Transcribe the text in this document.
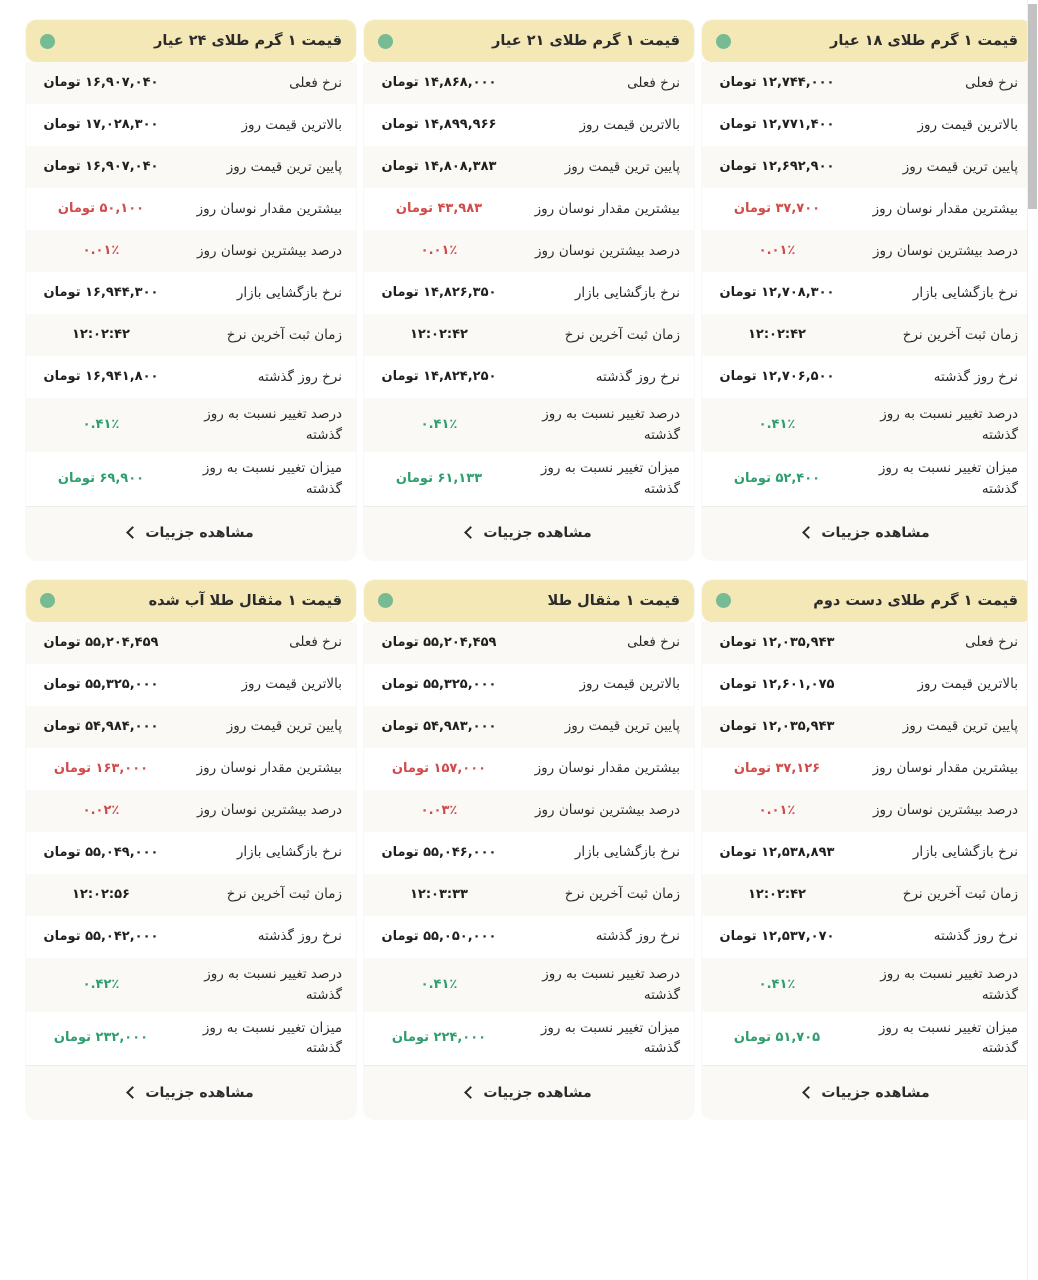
قیمت ۱ گرم طلای ۱۸ عیار
نرخ فعلی
۱۲,۷۴۴,۰۰۰ تومان
بالاترین قیمت روز
۱۲,۷۷۱,۴۰۰ تومان
پایین ترین قیمت روز
۱۲,۶۹۲,۹۰۰ تومان
بیشترین مقدار نوسان روز
۳۷,۷۰۰ تومان
درصد بیشترین نوسان روز
۰.۰۱٪
نرخ بازگشایی بازار
۱۲,۷۰۸,۳۰۰ تومان
زمان ثبت آخرین نرخ
۱۲:۰۲:۴۲
نرخ روز گذشته
۱۲,۷۰۶,۵۰۰ تومان
درصد تغییر نسبت به روز گذشته
۰.۴۱٪
میزان تغییر نسبت به روز گذشته
۵۲,۴۰۰ تومان
مشاهده جزییات
قیمت ۱ گرم طلای ۲۱ عیار
نرخ فعلی
۱۴,۸۶۸,۰۰۰ تومان
بالاترین قیمت روز
۱۴,۸۹۹,۹۶۶ تومان
پایین ترین قیمت روز
۱۴,۸۰۸,۳۸۳ تومان
بیشترین مقدار نوسان روز
۴۳,۹۸۳ تومان
درصد بیشترین نوسان روز
۰.۰۱٪
نرخ بازگشایی بازار
۱۴,۸۲۶,۳۵۰ تومان
زمان ثبت آخرین نرخ
۱۲:۰۲:۴۲
نرخ روز گذشته
۱۴,۸۲۴,۲۵۰ تومان
درصد تغییر نسبت به روز گذشته
۰.۴۱٪
میزان تغییر نسبت به روز گذشته
۶۱,۱۳۳ تومان
مشاهده جزییات
قیمت ۱ گرم طلای ۲۴ عیار
نرخ فعلی
۱۶,۹۰۷,۰۴۰ تومان
بالاترین قیمت روز
۱۷,۰۲۸,۳۰۰ تومان
پایین ترین قیمت روز
۱۶,۹۰۷,۰۴۰ تومان
بیشترین مقدار نوسان روز
۵۰,۱۰۰ تومان
درصد بیشترین نوسان روز
۰.۰۱٪
نرخ بازگشایی بازار
۱۶,۹۴۴,۳۰۰ تومان
زمان ثبت آخرین نرخ
۱۲:۰۲:۴۲
نرخ روز گذشته
۱۶,۹۴۱,۸۰۰ تومان
درصد تغییر نسبت به روز گذشته
۰.۴۱٪
میزان تغییر نسبت به روز گذشته
۶۹,۹۰۰ تومان
مشاهده جزییات
قیمت ۱ گرم طلای دست دوم
نرخ فعلی
۱۲,۰۳۵,۹۴۳ تومان
بالاترین قیمت روز
۱۲,۶۰۱,۰۷۵ تومان
پایین ترین قیمت روز
۱۲,۰۳۵,۹۴۳ تومان
بیشترین مقدار نوسان روز
۳۷,۱۲۶ تومان
درصد بیشترین نوسان روز
۰.۰۱٪
نرخ بازگشایی بازار
۱۲,۵۳۸,۸۹۳ تومان
زمان ثبت آخرین نرخ
۱۲:۰۲:۴۲
نرخ روز گذشته
۱۲,۵۳۷,۰۷۰ تومان
درصد تغییر نسبت به روز گذشته
۰.۴۱٪
میزان تغییر نسبت به روز گذشته
۵۱,۷۰۵ تومان
مشاهده جزییات
قیمت ۱ مثقال طلا
نرخ فعلی
۵۵,۲۰۴,۴۵۹ تومان
بالاترین قیمت روز
۵۵,۳۲۵,۰۰۰ تومان
پایین ترین قیمت روز
۵۴,۹۸۳,۰۰۰ تومان
بیشترین مقدار نوسان روز
۱۵۷,۰۰۰ تومان
درصد بیشترین نوسان روز
۰.۰۳٪
نرخ بازگشایی بازار
۵۵,۰۴۶,۰۰۰ تومان
زمان ثبت آخرین نرخ
۱۲:۰۳:۳۳
نرخ روز گذشته
۵۵,۰۵۰,۰۰۰ تومان
درصد تغییر نسبت به روز گذشته
۰.۴۱٪
میزان تغییر نسبت به روز گذشته
۲۲۴,۰۰۰ تومان
مشاهده جزییات
قیمت ۱ مثقال طلا آب شده
نرخ فعلی
۵۵,۲۰۴,۴۵۹ تومان
بالاترین قیمت روز
۵۵,۳۲۵,۰۰۰ تومان
پایین ترین قیمت روز
۵۴,۹۸۴,۰۰۰ تومان
بیشترین مقدار نوسان روز
۱۶۳,۰۰۰ تومان
درصد بیشترین نوسان روز
۰.۰۲٪
نرخ بازگشایی بازار
۵۵,۰۴۹,۰۰۰ تومان
زمان ثبت آخرین نرخ
۱۲:۰۲:۵۶
نرخ روز گذشته
۵۵,۰۴۲,۰۰۰ تومان
درصد تغییر نسبت به روز گذشته
۰.۴۲٪
میزان تغییر نسبت به روز گذشته
۲۳۲,۰۰۰ تومان
مشاهده جزییات
